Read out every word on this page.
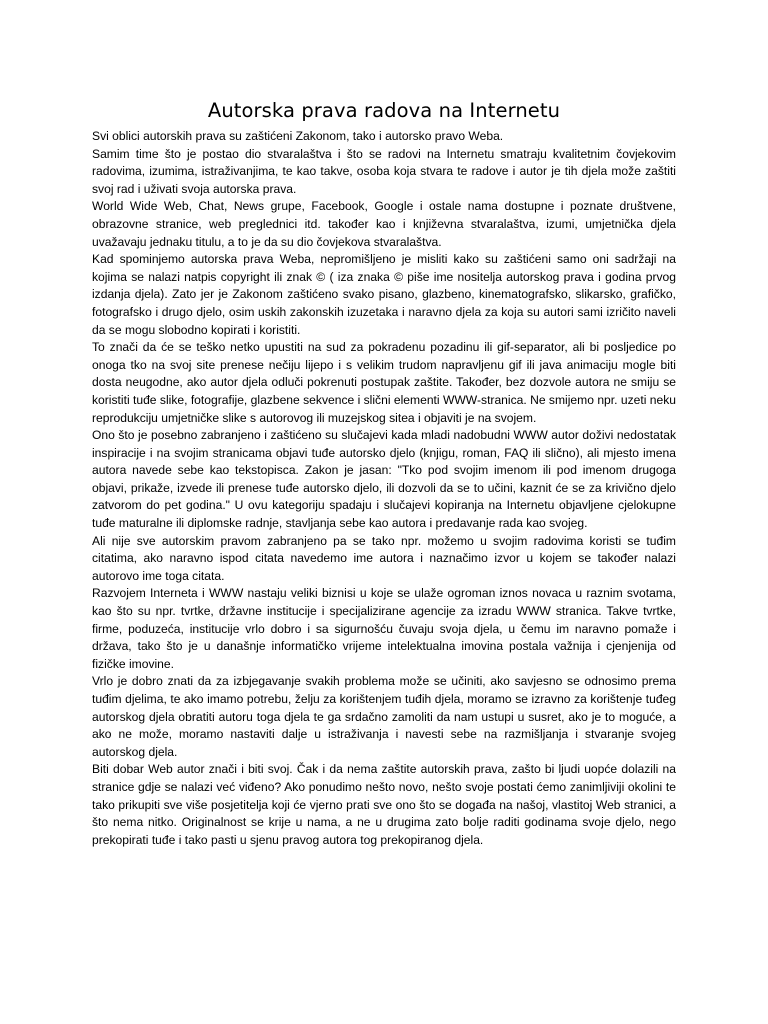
Autorska prava radova na Internetu

Svi oblici autorskih prava su zaštićeni Zakonom, tako i autorsko pravo Weba.

Samim time što je postao dio stvaralaštva i što se radovi na Internetu smatraju kvalitetnim čovjekovim radovima, izumima, istraživanjima, te kao takve, osoba koja stvara te radove i autor je tih djela može zaštiti svoj rad i uživati svoja autorska prava.

World Wide Web, Chat, News grupe, Facebook, Google i ostale nama dostupne i poznate društvene, obrazovne stranice, web preglednici itd. također kao i književna stvaralaštva, izumi, umjetnička djela uvažavaju jednaku titulu, a to je da su dio čovjekova stvaralaštva.

Kad spominjemo autorska prava Weba, nepromišljeno je misliti kako su zaštićeni samo oni sadržaji na kojima se nalazi natpis copyright ili znak © ( iza znaka © piše ime nositelja autorskog prava i godina prvog izdanja djela). Zato jer je Zakonom zaštićeno svako pisano, glazbeno, kinematografsko, slikarsko, grafičko, fotografsko i drugo djelo, osim uskih zakonskih izuzetaka i naravno djela za koja su autori sami izričito naveli da se mogu slobodno kopirati i koristiti.

To znači da će se teško netko upustiti na sud za pokradenu pozadinu ili gif-separator, ali bi posljedice po onoga tko na svoj site prenese nečiju lijepo i s velikim trudom napravljenu gif ili java animaciju mogle biti dosta neugodne, ako autor djela odluči pokrenuti postupak zaštite. Također, bez dozvole autora ne smiju se koristiti tuđe slike, fotografije, glazbene sekvence i slični elementi WWW-stranica. Ne smijemo npr. uzeti neku reprodukciju umjetničke slike s autorovog ili muzejskog sitea i objaviti je na svojem.

Ono što je posebno zabranjeno i zaštićeno su slučajevi kada mladi nadobudni WWW autor doživi nedostatak inspiracije i na svojim stranicama objavi tuđe autorsko djelo (knjigu, roman, FAQ ili slično), ali mjesto imena autora navede sebe kao tekstopisca. Zakon je jasan: "Tko pod svojim imenom ili pod imenom drugoga objavi, prikaže, izvede ili prenese tuđe autorsko djelo, ili dozvoli da se to učini, kaznit će se za krivično djelo zatvorom do pet godina." U ovu kategoriju spadaju i slučajevi kopiranja na Internetu objavljene cjelokupne tuđe maturalne ili diplomske radnje, stavljanja sebe kao autora i predavanje rada kao svojeg.

Ali nije sve autorskim pravom zabranjeno pa se tako npr. možemo u svojim radovima koristi se tuđim citatima, ako naravno ispod citata navedemo ime autora i naznačimo izvor u kojem se također nalazi autorovo ime toga citata.

Razvojem Interneta i WWW nastaju veliki biznisi u koje se ulaže ogroman iznos novaca u raznim svotama, kao što su npr. tvrtke, državne institucije i specijalizirane agencije za izradu WWW stranica. Takve tvrtke, firme, poduzeća, institucije vrlo dobro i sa sigurnošću čuvaju svoja djela, u čemu im naravno pomaže i država, tako što je u današnje informatičko vrijeme intelektualna imovina postala važnija i cjenjenija od fizičke imovine.

Vrlo je dobro znati da za izbjegavanje svakih problema može se učiniti, ako savjesno se odnosimo prema tuđim djelima, te ako imamo potrebu, želju za korištenjem tuđih djela, moramo se izravno za korištenje tuđeg autorskog djela obratiti autoru toga djela te ga srdačno zamoliti da nam ustupi u susret, ako je to moguće, a ako ne može, moramo nastaviti dalje u istraživanja i navesti sebe na razmišljanja i stvaranje svojeg autorskog djela.

Biti dobar Web autor znači i biti svoj. Čak i da nema zaštite autorskih prava, zašto bi ljudi uopće dolazili na stranice gdje se nalazi već viđeno? Ako ponudimo nešto novo, nešto svoje postati ćemo zanimljiviji okolini te tako prikupiti sve više posjetitelja koji će vjerno prati sve ono što se događa na našoj, vlastitoj Web stranici, a što nema nitko. Originalnost se krije u nama, a ne u drugima zato bolje raditi godinama svoje djelo, nego prekopirati tuđe i tako pasti u sjenu pravog autora tog prekopiranog djela.
